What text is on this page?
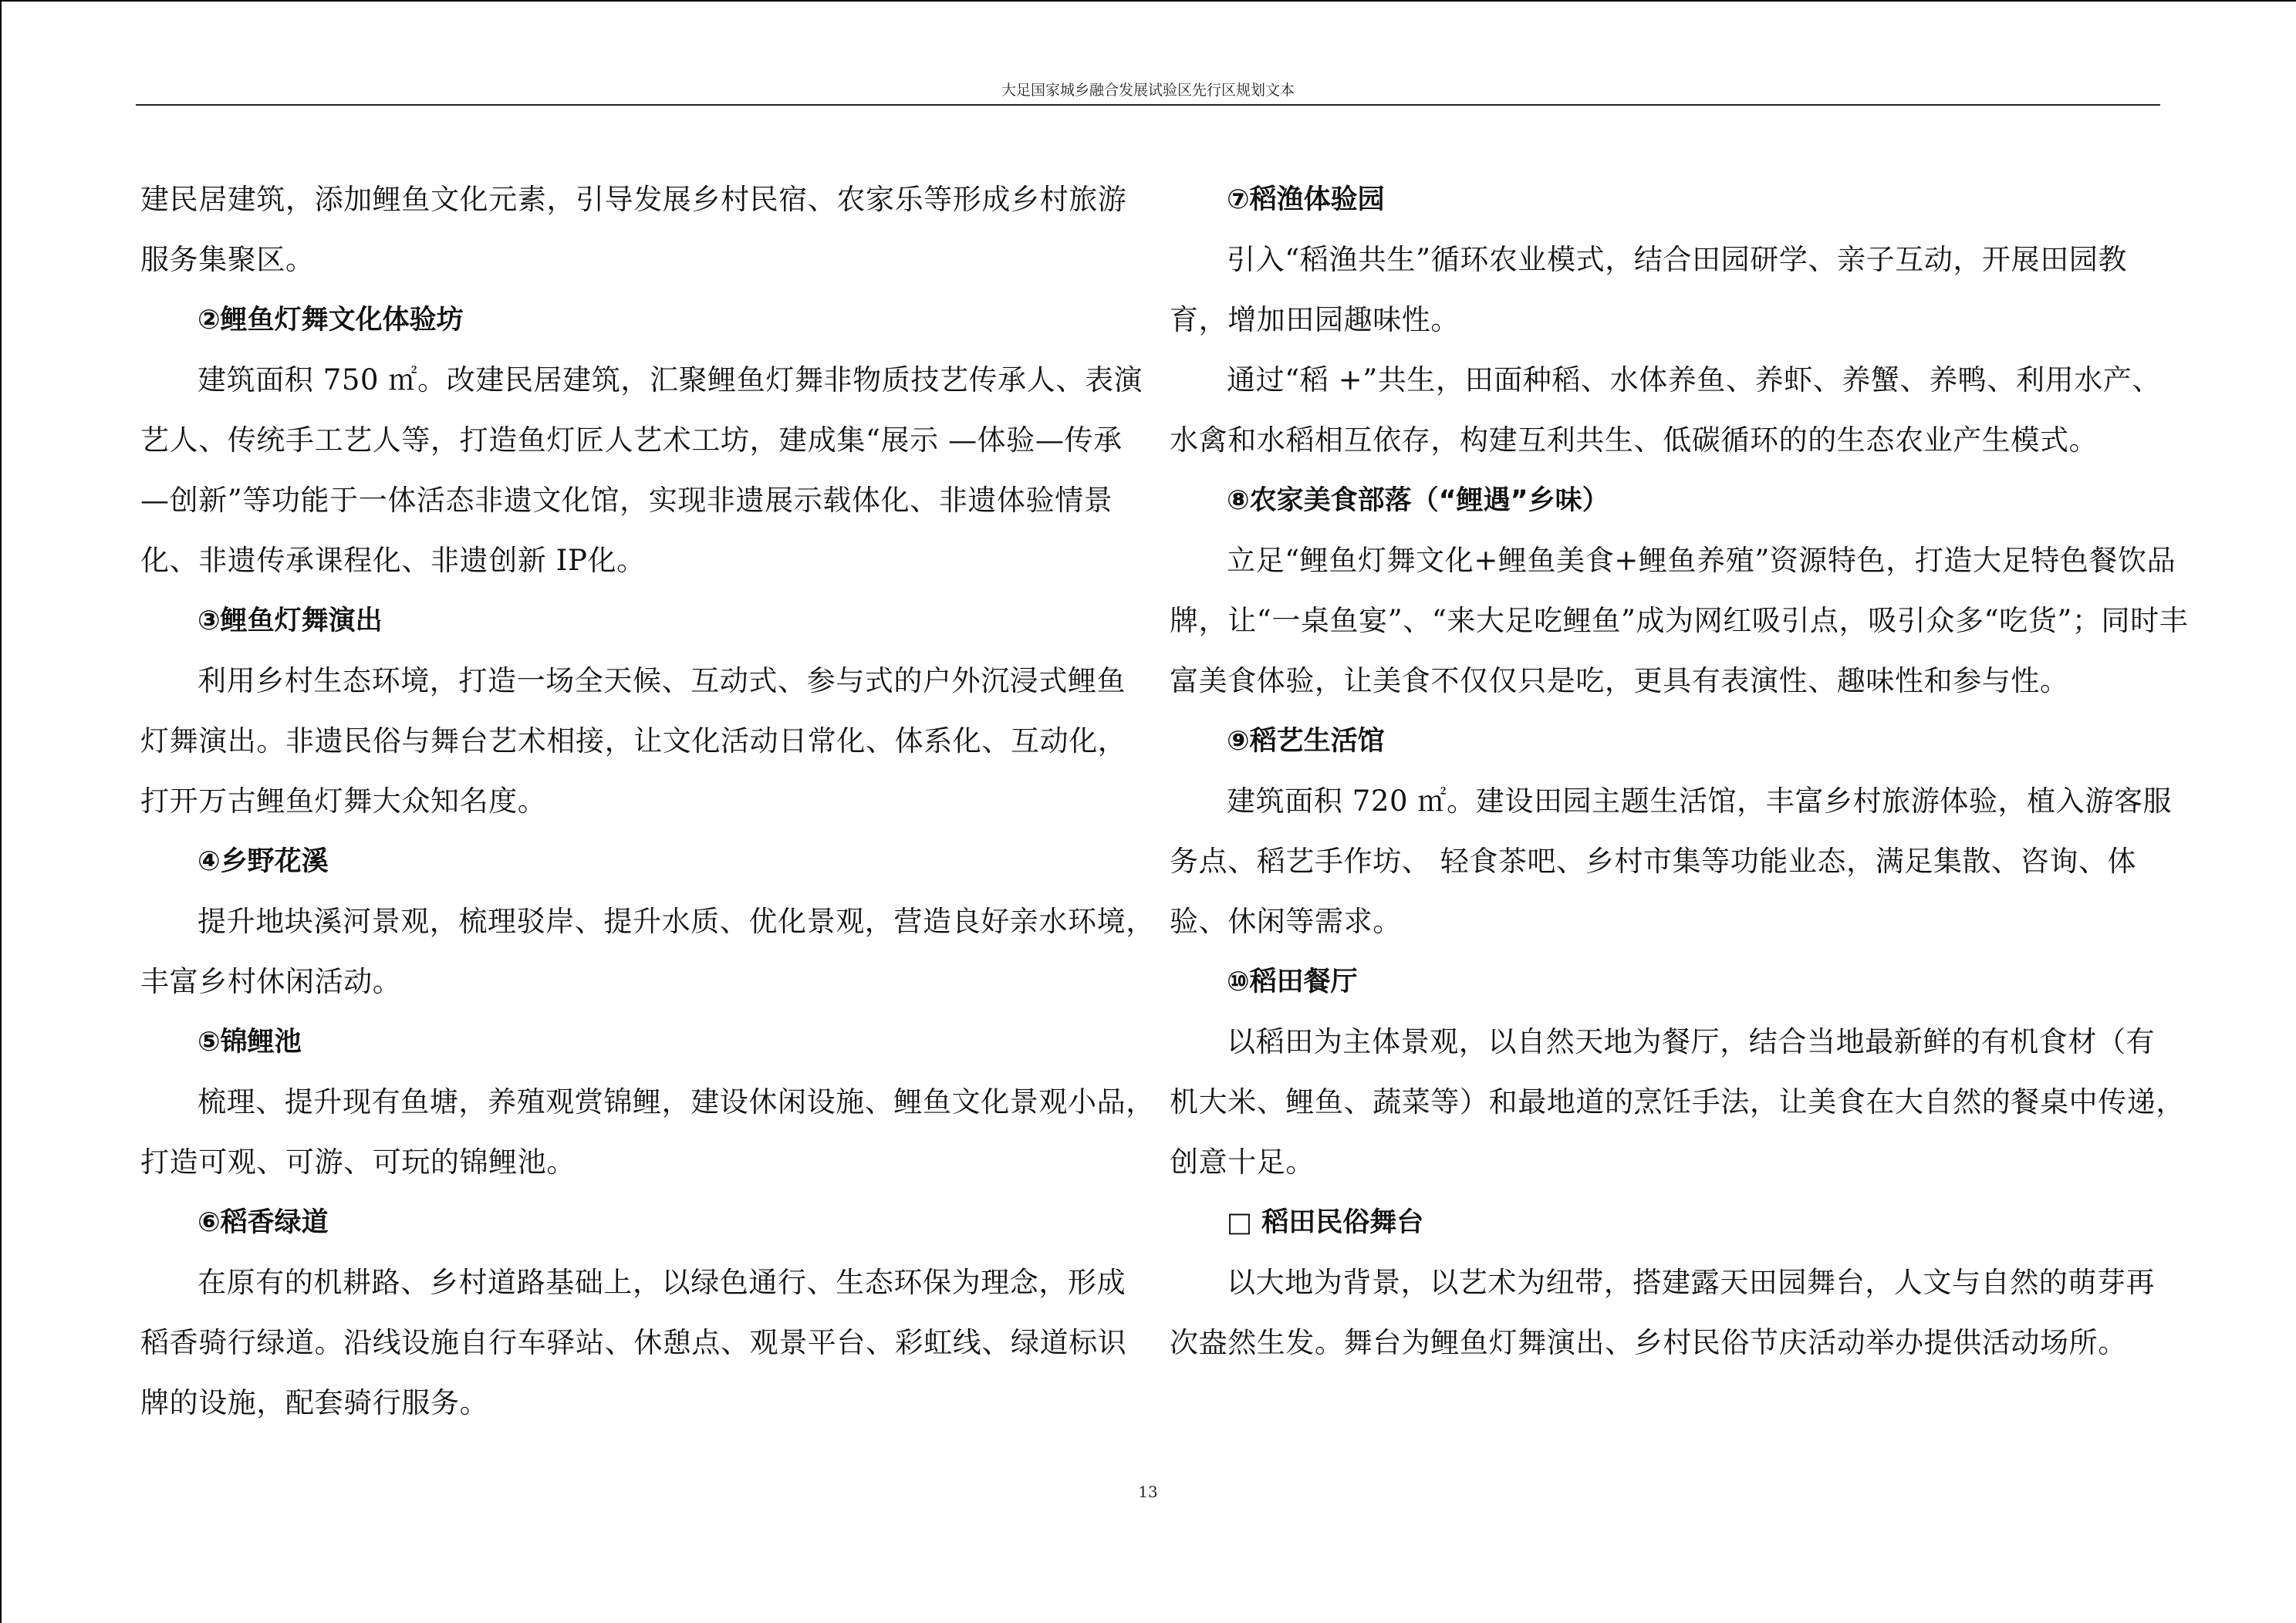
大足国家城乡融合发展试验区先行区规划文本
建民居建筑，添加鲤鱼文化元素，引导发展乡村民宿、农家乐等形成乡村旅游
服务集聚区。
②鲤鱼灯舞文化体验坊
建筑面积 750 ㎡。改建民居建筑，汇聚鲤鱼灯舞非物质技艺传承人、表演
艺人、传统手工艺人等，打造鱼灯匠人艺术工坊，建成集“展示 —体验—传承
—创新”等功能于一体活态非遗文化馆，实现非遗展示载体化、非遗体验情景
化、非遗传承课程化、非遗创新 IP化。
③鲤鱼灯舞演出
利用乡村生态环境，打造一场全天候、互动式、参与式的户外沉浸式鲤鱼
灯舞演出。非遗民俗与舞台艺术相接，让文化活动日常化、体系化、互动化，
打开万古鲤鱼灯舞大众知名度。
④乡野花溪
提升地块溪河景观，梳理驳岸、提升水质、优化景观，营造良好亲水环境，
丰富乡村休闲活动。
⑤锦鲤池
梳理、提升现有鱼塘，养殖观赏锦鲤，建设休闲设施、鲤鱼文化景观小品，
打造可观、可游、可玩的锦鲤池。
⑥稻香绿道
在原有的机耕路、乡村道路基础上，以绿色通行、生态环保为理念，形成
稻香骑行绿道。沿线设施自行车驿站、休憩点、观景平台、彩虹线、绿道标识
牌的设施，配套骑行服务。
⑦稻渔体验园
引入“稻渔共生”循环农业模式，结合田园研学、亲子互动，开展田园教
育，增加田园趣味性。
通过“稻 +”共生，田面种稻、水体养鱼、养虾、养蟹、养鸭、利用水产、
水禽和水稻相互依存，构建互利共生、低碳循环的的生态农业产生模式。
⑧农家美食部落（“鲤遇”乡味）
立足“鲤鱼灯舞文化+鲤鱼美食+鲤鱼养殖”资源特色，打造大足特色餐饮品
牌，让“一桌鱼宴”、“来大足吃鲤鱼”成为网红吸引点，吸引众多“吃货”；同时丰
富美食体验，让美食不仅仅只是吃，更具有表演性、趣味性和参与性。
⑨稻艺生活馆
建筑面积 720 ㎡。建设田园主题生活馆，丰富乡村旅游体验，植入游客服
务点、稻艺手作坊、 轻食茶吧、乡村市集等功能业态，满足集散、咨询、体
验、休闲等需求。
⑩稻田餐厅
以稻田为主体景观，以自然天地为餐厅，结合当地最新鲜的有机食材（有
机大米、鲤鱼、蔬菜等）和最地道的烹饪手法，让美食在大自然的餐桌中传递，
创意十足。
□ 稻田民俗舞台
以大地为背景，以艺术为纽带，搭建露天田园舞台，人文与自然的萌芽再
次盎然生发。舞台为鲤鱼灯舞演出、乡村民俗节庆活动举办提供活动场所。
13
